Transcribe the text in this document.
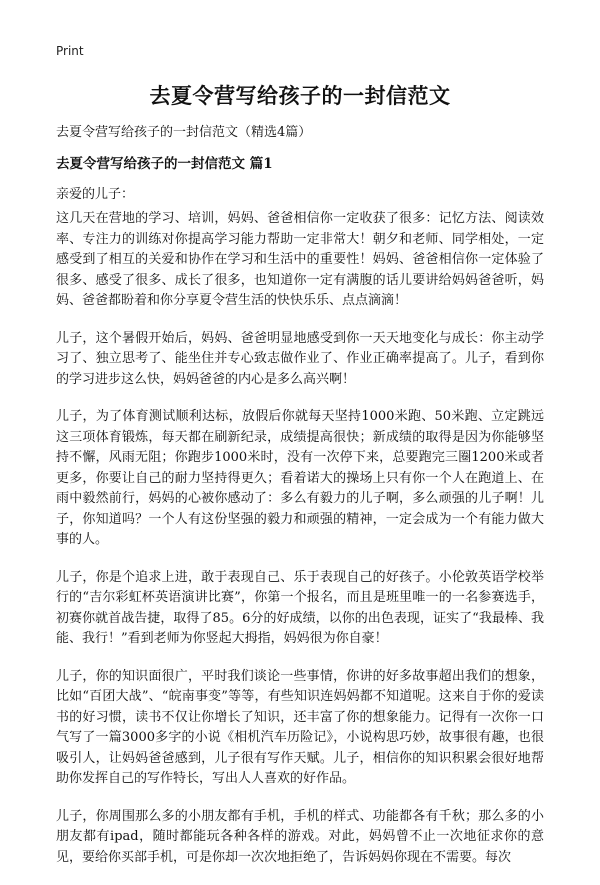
Print
去夏令营写给孩子的一封信范文

去夏令营写给孩子的一封信范文（精选4篇）

去夏令营写给孩子的一封信范文 篇1

亲爱的儿子：

这几天在营地的学习、培训，妈妈、爸爸相信你一定收获了很多：记忆方法、阅读效率、专注力的训练对你提高学习能力帮助一定非常大！朝夕和老师、同学相处，一定感受到了相互的关爱和协作在学习和生活中的重要性！妈妈、爸爸相信你一定体验了很多、感受了很多、成长了很多，也知道你一定有满腹的话儿要讲给妈妈爸爸听，妈妈、爸爸都盼着和你分享夏令营生活的快快乐乐、点点滴滴！

儿子，这个暑假开始后，妈妈、爸爸明显地感受到你一天天地变化与成长：你主动学习了、独立思考了、能坐住并专心致志做作业了、作业正确率提高了。儿子，看到你的学习进步这么快，妈妈爸爸的内心是多么高兴啊！

儿子，为了体育测试顺利达标，放假后你就每天坚持1000米跑、50米跑、立定跳远这三项体育锻炼，每天都在刷新纪录，成绩提高很快；新成绩的取得是因为你能够坚持不懈，风雨无阻；你跑步1000米时，没有一次停下来，总要跑完三圈1200米或者更多，你要让自己的耐力坚持得更久；看着诺大的操场上只有你一个人在跑道上、在雨中毅然前行，妈妈的心被你感动了：多么有毅力的儿子啊，多么顽强的儿子啊！儿子，你知道吗？一个人有这份坚强的毅力和顽强的精神，一定会成为一个有能力做大事的人。

儿子，你是个追求上进，敢于表现自己、乐于表现自己的好孩子。小伦敦英语学校举行的“吉尔彩虹杯英语演讲比赛”，你第一个报名，而且是班里唯一的一名参赛选手，初赛你就首战告捷，取得了85。6分的好成绩，以你的出色表现，证实了“我最棒、我能、我行！”看到老师为你竖起大拇指，妈妈很为你自豪！

儿子，你的知识面很广，平时我们谈论一些事情，你讲的好多故事超出我们的想象，比如“百团大战”、“皖南事变”等等，有些知识连妈妈都不知道呢。这来自于你的爱读书的好习惯，读书不仅让你增长了知识，还丰富了你的想象能力。记得有一次你一口气写了一篇3000多字的小说《相机汽车历险记》，小说构思巧妙，故事很有趣，也很吸引人，让妈妈爸爸感到，儿子很有写作天赋。儿子，相信你的知识积累会很好地帮助你发挥自己的写作特长，写出人人喜欢的好作品。

儿子，你周围那么多的小朋友都有手机，手机的样式、功能都各有千秋；那么多的小朋友都有ipad，随时都能玩各种各样的游戏。对此，妈妈曾不止一次地征求你的意见，要给你买部手机，可是你却一次次地拒绝了，告诉妈妈你现在不需要。每次
